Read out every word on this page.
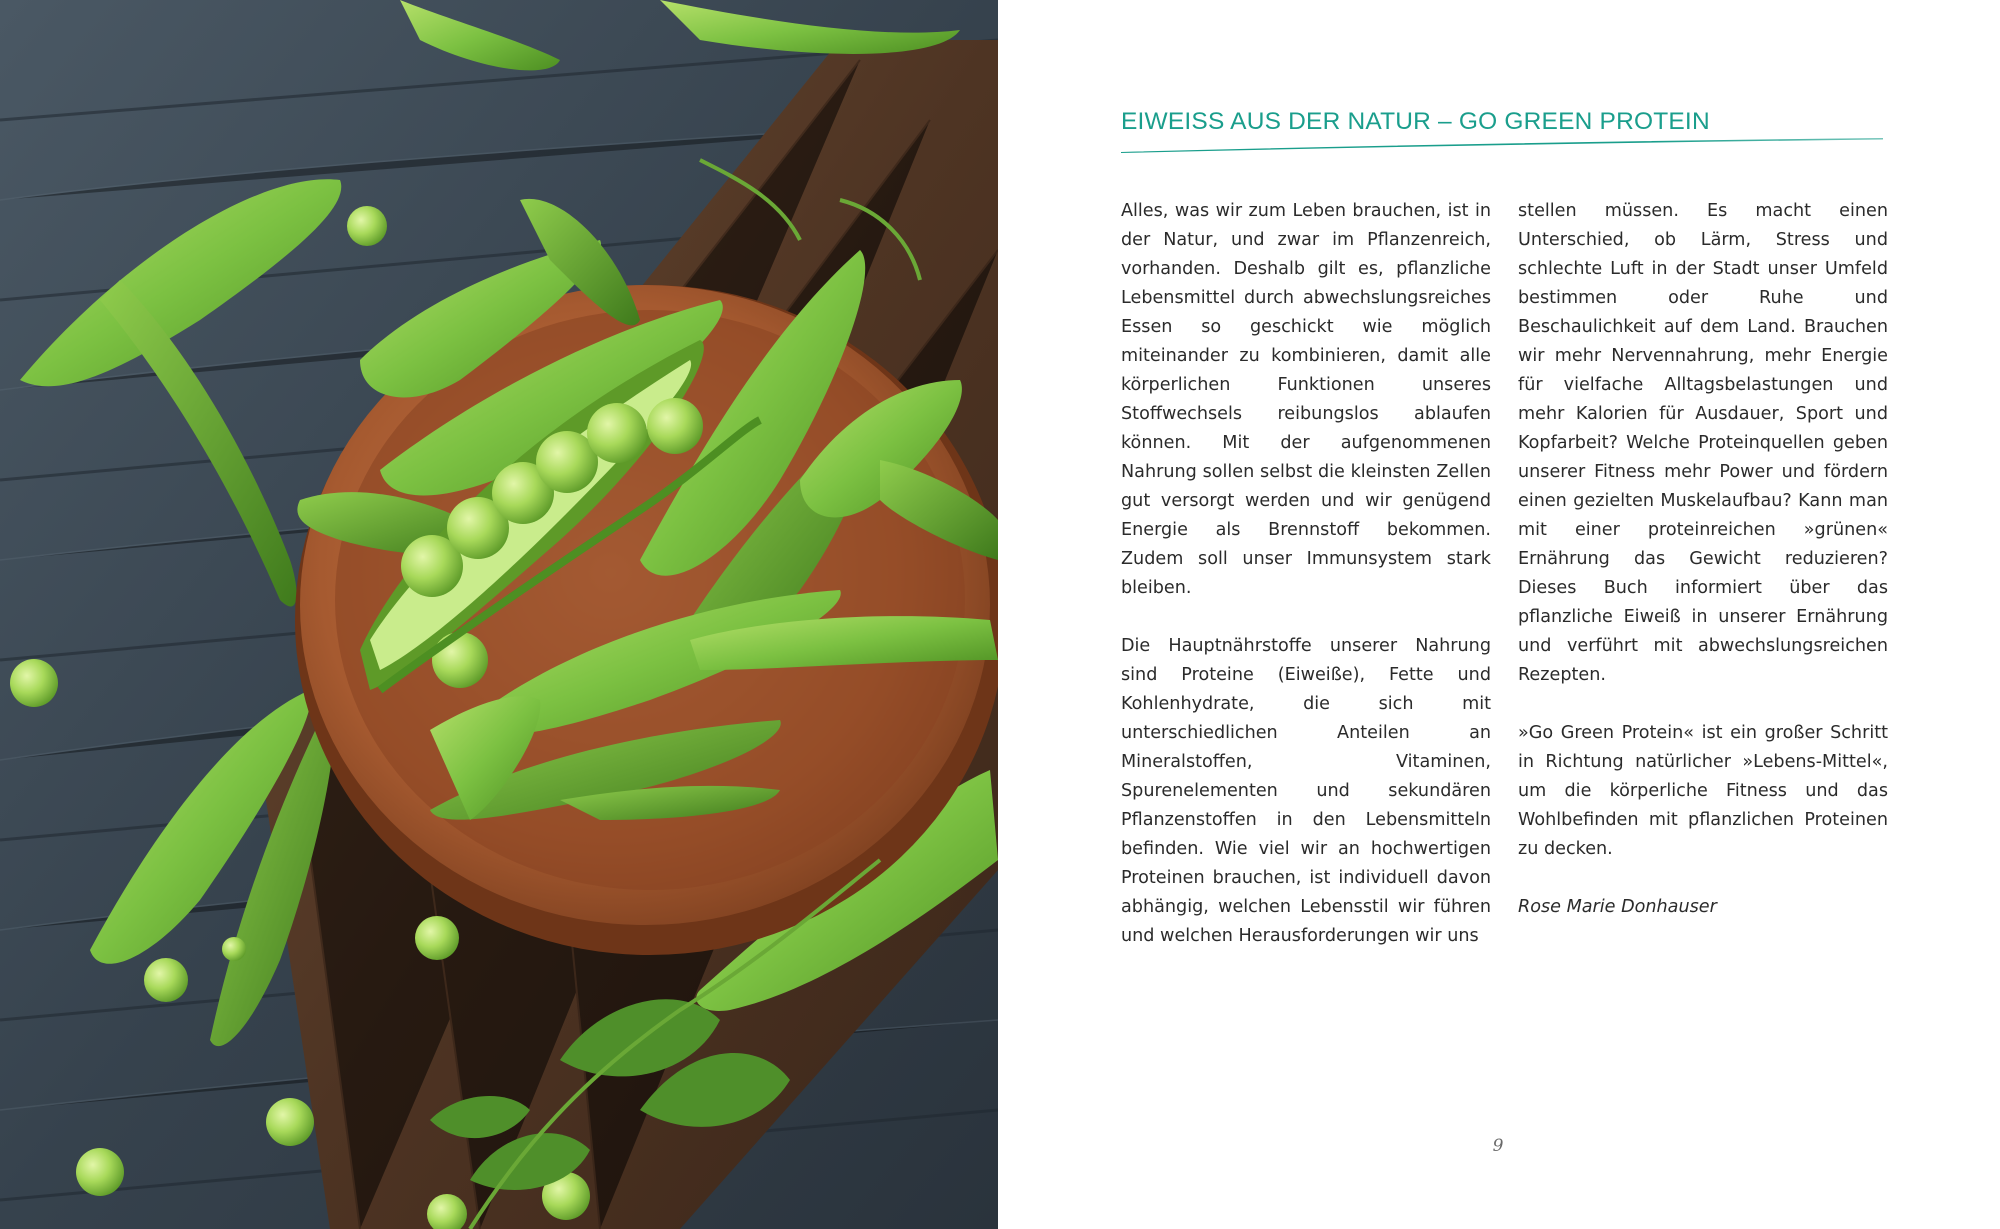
EIWEISS AUS DER NATUR – GO GREEN PROTEIN

Alles, was wir zum Leben brauchen, ist in der Natur, und zwar im Pflanzenreich, vorhanden. Deshalb gilt es, pflanzliche Lebensmittel durch abwechslungsreiches Essen so geschickt wie möglich miteinander zu kombinieren, damit alle körperlichen Funktionen unseres Stoffwechsels reibungslos ablaufen können. Mit der aufgenommenen Nahrung sollen selbst die kleinsten Zellen gut versorgt werden und wir genügend Energie als Brennstoff bekommen. Zudem soll unser Immunsystem stark bleiben.

Die Hauptnährstoffe unserer Nahrung sind Proteine (Eiweiße), Fette und Kohlenhydrate, die sich mit unterschiedlichen Anteilen an Mineralstoffen, Vitaminen, Spurenelementen und sekundären Pflanzenstoffen in den Lebensmitteln befinden. Wie viel wir an hochwertigen Proteinen brauchen, ist individuell davon abhängig, welchen Lebensstil wir führen und welchen Herausforderungen wir uns

stellen müssen. Es macht einen Unterschied, ob Lärm, Stress und schlechte Luft in der Stadt unser Umfeld bestimmen oder Ruhe und Beschaulichkeit auf dem Land. Brauchen wir mehr Nervennahrung, mehr Energie für vielfache Alltagsbelastungen und mehr Kalorien für Ausdauer, Sport und Kopfarbeit? Welche Proteinquellen geben unserer Fitness mehr Power und fördern einen gezielten Muskelaufbau? Kann man mit einer proteinreichen »grünen« Ernährung das Gewicht reduzieren? Dieses Buch informiert über das pflanzliche Eiweiß in unserer Ernährung und verführt mit abwechslungsreichen Rezepten.

»Go Green Protein« ist ein großer Schritt in Richtung natürlicher »Lebens-Mittel«, um die körperliche Fitness und das Wohlbefinden mit pflanzlichen Proteinen zu decken.

Rose Marie Donhauser

9
